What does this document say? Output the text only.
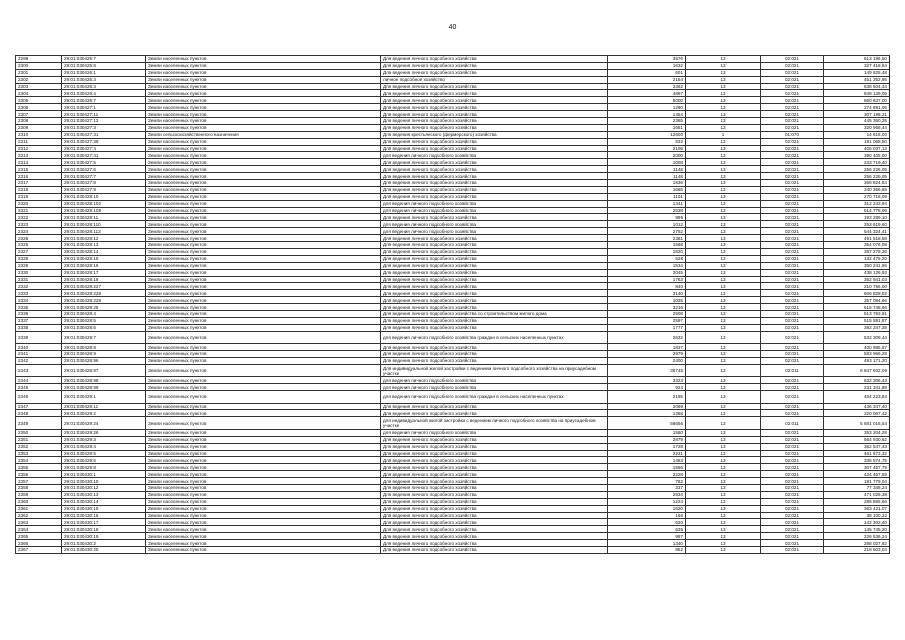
40
2299	29:01:030425:7	Земли населенных пунктов	Для ведения личного подсобного хозяйства	3576	13	02:021	613 196,50
2300	29:01:030425:8	Земли населенных пунктов	Для ведения личного подсобного хозяйства	1632	13	02:021	327 418,84
2301	29:01:030426:1	Земли населенных пунктов	Для ведения личного подсобного хозяйства	601	13	02:021	149 825,48
2302	29:01:030426:3	Земли населенных пунктов	личное подсобное хозяйство	2154	13	02:021	451 352,95
2303	29:01:030426:3	Земли населенных пунктов	Для ведения личного подсобного хозяйства	3362	13	02:021	638 604,34
2304	29:01:030426:4	Земли населенных пунктов	Для ведения личного подсобного хозяйства	4897	13	02:021	849 139,05
2305	29:01:030426:7	Земли населенных пунктов	Для ведения личного подсобного хозяйства	5000	13	02:021	860 637,00
2306	29:01:030427:1	Земли населенных пунктов	Для ведения личного подсобного хозяйства	1260	13	02:021	274 891,05
2307	29:01:030427:11	Земли населенных пунктов	Для ведения личного подсобного хозяйства	1454	13	02:021	307 198,21
2308	29:01:030427:12	Земли населенных пунктов	Для ведения личного подсобного хозяйства	2365	13	02:021	445 360,25
2309	29:01:030427:3	Земли населенных пунктов	Для ведения личного подсобного хозяйства	1651	13	02:021	320 958,44
2310	29:01:030427:31	Земли сельскохозяйственного назначения	Для ведения крестьянского (фермерского) хозяйства	12600	1	01:070	14 616,00
2311	29:01:030427:39	Земли населенных пунктов	Для ведения личного подсобного хозяйства	832	13	02:021	191 068,50
2312	29:01:030427:4	Земли населенных пунктов	Для ведения личного подсобного хозяйства	2105	13	02:021	406 037,13
2313	29:01:030427:41	Земли населенных пунктов	для ведения личного подсобного хозяйства	2000	13	02:021	390 405,00
2314	29:01:030427:5	Земли населенных пунктов	Для ведения личного подсобного хозяйства	1008	13	02:021	233 719,40
2315	29:01:030427:6	Земли населенных пунктов	Для ведения личного подсобного хозяйства	1148	13	02:021	256 226,05
2316	29:01:030427:7	Земли населенных пунктов	Для ведения личного подсобного хозяйства	1148	13	02:021	256 229,05
2317	29:01:030427:8	Земли населенных пунктов	Для ведения личного подсобного хозяйства	1836	13	02:021	366 824,54
2318	29:01:030427:9	Земли населенных пунктов	Для ведения личного подсобного хозяйства	1665	13	02:021	340 356,65
2319	29:01:030428:10	Земли населенных пунктов	Для ведения личного подсобного хозяйства	1101	13	02:021	270 718,09
2320	29:01:030428:102	Земли населенных пунктов	для ведения личного подсобного хозяйства	1341	13	02:021	312 243,94
2321	29:01:030428:108	Земли населенных пунктов	для ведения личного подсобного хозяйства	2538	13	02:021	514 778,06
2322	29:01:030428:11	Земли населенных пунктов	Для ведения личного подсобного хозяйства	999	13	02:021	193 289,10
2323	29:01:030428:110	Земли населенных пунктов	для ведения личного подсобного хозяйства	1012	13	02:021	253 619,60
2324	29:01:030428:113	Земли населенных пунктов	для ведения личного подсобного хозяйства	2752	13	02:021	544 324,41
2325	29:01:030428:12	Земли населенных пунктов	Для ведения личного подсобного хозяйства	2381	13	02:021	491 518,56
2326	29:01:030428:13	Земли населенных пунктов	Для ведения личного подсобного хозяйства	1568	13	02:021	354 076,08
2327	29:01:030428:14	Земли населенных пунктов	Для ведения личного подсобного хозяйства	1820	13	02:021	367 275,36
2328	29:01:030428:15	Земли населенных пунктов	Для ведения личного подсобного хозяйства	528	13	02:021	132 475,20
2329	29:01:030428:16	Земли населенных пунктов	Для ведения личного подсобного хозяйства	1534	13	02:021	350 241,56
2330	29:01:030428:17	Земли населенных пунктов	Для ведения личного подсобного хозяйства	2045	13	02:021	438 126,93
2331	29:01:030428:18	Земли населенных пунктов	Для ведения личного подсобного хозяйства	1763	13	02:021	352 941,03
2332	29:01:030428:227	Земли населенных пунктов	Для ведения личного подсобного хозяйства	840	13	02:021	210 756,00
2333	29:01:030428:228	Земли населенных пунктов	Для ведения личного подсобного хозяйства	3140	13	02:021	606 828,02
2334	29:01:030428:229	Земли населенных пунктов	Для ведения личного подсобного хозяйства	1035	13	02:021	257 084,66
2335	29:01:030428:25	Земли населенных пунктов	Для ведения личного подсобного хозяйства	3216	13	02:021	615 748,66
2336	29:01:030428:4	Земли населенных пунктов	Для ведения личного подсобного хозяйства со строительством жилого дома	2508	13	02:021	513 763,91
2337	29:01:030428:5	Земли населенных пунктов	Для ведения личного подсобного хозяйства	2597	13	02:021	515 591,87
2338	29:01:030428:6	Земли населенных пунктов	Для ведения личного подсобного хозяйства	1777	13	02:021	392 347,38
2339	29:01:030428:7	Земли населенных пунктов	для ведения личного подсобного хозяйства граждан в сельских населенных пунктах	2632	13	02:021	532 309,44
2340	29:01:030428:8	Земли населенных пунктов	Для ведения личного подсобного хозяйства	1837	13	02:021	400 985,87
2341	29:01:030428:9	Земли населенных пунктов	Для ведения личного подсобного хозяйства	2979	13	02:021	583 966,28
2342	29:01:030428:96	Земли населенных пунктов	Для ведения личного подсобного хозяйства	2400	13	02:021	493 171,20
2343	29:01:030428:97	Земли населенных пунктов	Для индивидуальной жилой застройки с ведением личного подсобного хозяйства на приусадебном участке	36745	13	02:011	6 847 932,09
2344	29:01:030428:98	Земли населенных пунктов	для ведения личного подсобного хозяйства	3323	13	02:021	632 306,43
2345	29:01:030428:99	Земли населенных пунктов	для ведения личного подсобного хозяйства	924	13	02:021	231 341,88
2346	29:01:030429:1	Земли населенных пунктов	для ведения личного подсобного хозяйства граждан в сельских населенных пунктах	2195	13	02:021	454 223,84
2347	29:01:030429:11	Земли населенных пунктов	Для ведения личного подсобного хозяйства	2069	13	02:021	436 347,40
2348	29:01:030429:2	Земли населенных пунктов	Для ведения личного подсобного хозяйства	1368	13	02:021	320 067,42
2349	29:01:030429:24	Земли населенных пунктов	для индивидуальной жилой застройки с ведением личного подсобного хозяйства на приусадебном участке	58656	13	02:011	5 681 016,54
2350	29:01:030429:26	Земли населенных пунктов	для ведения личного подсобного хозяйства	1560	13	02:021	353 204,28
2351	29:01:030429:3	Земли населенных пунктов	Для ведения личного подсобного хозяйства	2879	13	02:021	564 930,62
2352	29:01:030429:4	Земли населенных пунктов	Для ведения личного подсобного хозяйства	1728	13	02:021	362 547,43
2353	29:01:030429:5	Земли населенных пунктов	Для ведения личного подсобного хозяйства	2231	13	02:021	461 673,32
2354	29:01:030429:6	Земли населенных пунктов	Для ведения личного подсобного хозяйства	1463	13	02:021	335 574,75
2355	29:01:030429:8	Земли населенных пунктов	Для ведения личного подсобного хозяйства	1556	13	02:021	307 457,79
2356	29:01:030430:1	Земли населенных пунктов	Для ведения личного подсобного хозяйства	2228	13	02:021	424 457,59
2357	29:01:030430:10	Земли населенных пунктов	Для ведения личного подсобного хозяйства	782	13	02:021	181 779,04
2358	29:01:030430:12	Земли населенных пунктов	Для ведения личного подсобного хозяйства	337	13	02:021	77 348,24
2359	29:01:030430:13	Земли населенных пунктов	Для ведения личного подсобного хозяйства	2534	13	02:021	471 026,38
2360	29:01:030430:14	Земли населенных пунктов	Для ведения личного подсобного хозяйства	1224	13	02:021	286 865,66
2361	29:01:030430:15	Земли населенных пунктов	Для ведения личного подсобного хозяйства	1620	13	02:021	363 421,07
2362	29:01:030430:16	Земли населенных пунктов	Для ведения личного подсобного хозяйства	166	13	02:021	38 100,32
2363	29:01:030430:17	Земли населенных пунктов	Для ведения личного подсобного хозяйства	620	13	02:021	142 302,40
2364	29:01:030430:18	Земли населенных пунктов	Для ведения личного подсобного хозяйства	635	13	02:021	145 745,20
2365	29:01:030430:19	Земли населенных пунктов	Для ведения личного подсобного хозяйства	987	13	02:021	226 536,24
2366	29:01:030430:2	Земли населенных пунктов	Для ведения личного подсобного хозяйства	1340	13	02:021	288 027,82
2367	29:01:030430:20	Земли населенных пунктов	Для ведения личного подсобного хозяйства	952	13	02:021	218 503,04
